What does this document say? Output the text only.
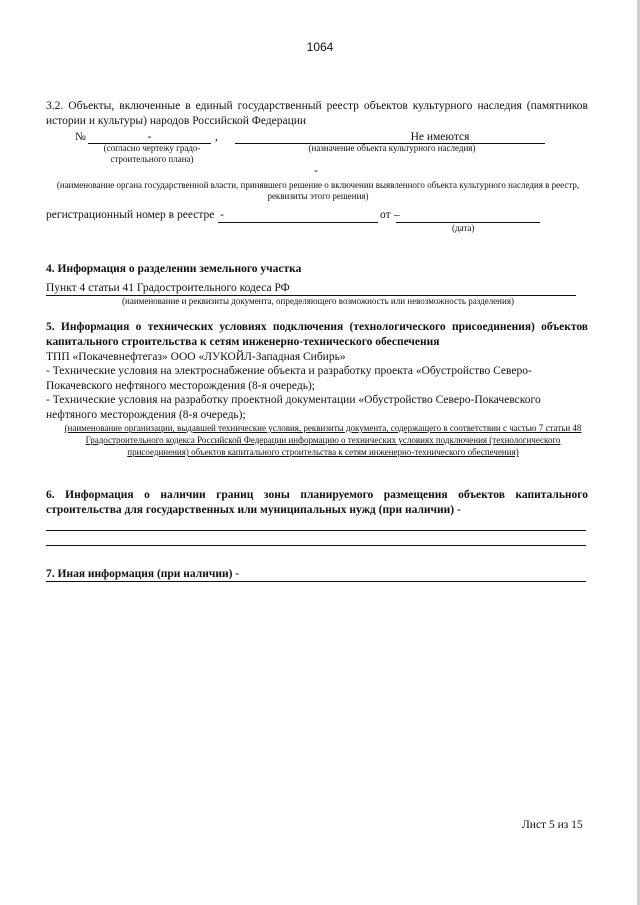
1064
3.2. Объекты, включенные в единый государственный реестр объектов культурного наследия (памятников истории и культуры) народов Российской Федерации
№	-	,	Не имеются
(согласно чертежу градо-
строительного плана)
(назначение объекта культурного наследия)
-
(наименование органа государственной власти, принявшего решение о включении выявленного объекта культурного наследия в реестр, реквизиты этого решения)
регистрационный номер в реестре -	от –
(дата)
4. Информация о разделении земельного участка
Пункт 4 статьи 41 Градостроительного кодеса РФ
(наименование и реквизиты документа, определяющего возможность или невозможность разделения)
5. Информация о технических условиях подключения (технологического присоединения) объектов капитального строительства к сетям инженерно-технического обеспечения
ТПП «Покачевнефтегаз» ООО «ЛУКОЙЛ-Западная Сибирь»
- Технические условия на электроснабжение объекта и разработку проекта «Обустройство Северо-Покачевского нефтяного месторождения (8-я очередь);
- Технические условия на разработку проектной документации «Обустройство Северо-Покачевского нефтяного месторождения (8-я очередь);
(наименование организации, выдавшей технические условия, реквизиты документа, содержащего в соответствии с частью 7 статьи 48 Градостроительного кодекса Российской Федерации информацию о технических условиях подключения (технологического присоединения) объектов капитального строительства к сетям инженерно-технического обеспечения)
6. Информация о наличии границ зоны планируемого размещения объектов капитального строительства для государственных или муниципальных нужд (при наличии) -
7. Иная информация (при наличии) -
Лист 5 из 15
